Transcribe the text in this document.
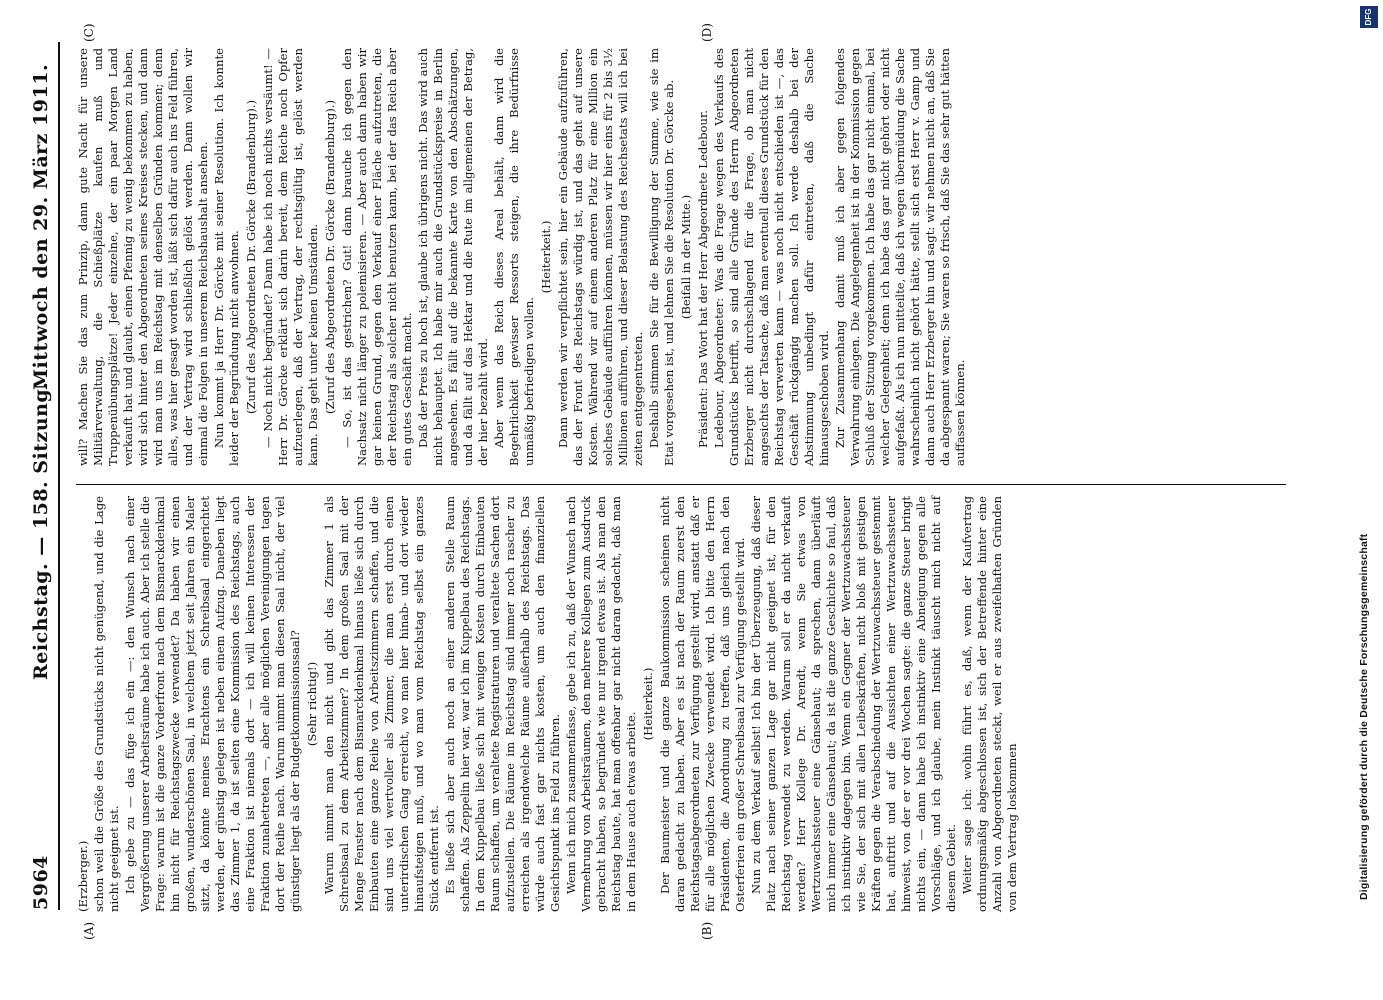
5964
Reichstag. — 158. Sitzung.
Mittwoch den 29. März 1911.
(A)	(B)
(C)	(D)

(Erzberger.) schon weil die Größe des Grundstücks nicht genügend, und die Lage nicht geeignet ist. Ich gebe zu — das füge ich ein —: den Wunsch nach einer Vergrößerung unserer Arbeitsräume habe ich auch. Aber ich stelle die Frage: warum ist die ganze Vorderfront nach dem Bismarckdenkmal hin nicht für Reichstagszwecke verwendet? Da haben wir einen großen, wunderschönen Saal, in welchem jetzt seit Jahren ein Maler sitzt, da könnte meines Erachtens ein Schreibsaal eingerichtet werden, der günstig gelegen ist neben einem Aufzug. Daneben liegt das Zimmer 1, da ist selten eine Kommission des Reichstags, auch eine Fraktion ist niemals dort — ich will keinen Interessen der Fraktion zunahetreten —, aber alle möglichen Vereinigungen tagen dort der Reihe nach. Warum nimmt man diesen Saal nicht, der viel günstiger liegt als der Budgetkommissionssaal? (Sehr richtig!) Warum nimmt man den nicht und gibt das Zimmer 1 als Schreibsaal zu dem Arbeitszimmer? In dem großen Saal mit der Menge Fenster nach dem Bismarckdenkmal hinaus ließe sich durch Einbauten eine ganze Reihe von Arbeitszimmern schaffen, und die sind uns viel wertvoller als Zimmer, die man erst durch einen unterirdischen Gang erreicht, wo man hier hinab- und dort wieder hinaufsteigen muß, und wo man vom Reichstag selbst ein ganzes Stück entfernt ist. Es ließe sich aber auch noch an einer anderen Stelle Raum schaffen. Als Zeppelin hier war, war ich im Kuppelbau des Reichstags. In dem Kuppelbau ließe sich mit wenigen Kosten durch Einbauten Raum schaffen, um veraltete Registraturen und veraltete Sachen dort aufzustellen. Die Räume im Reichstag sind immer noch rascher zu erreichen als irgendwelche Räume außerhalb des Reichstags. Das würde auch fast gar nichts kosten, um auch den finanziellen Gesichtspunkt ins Feld zu führen. Wenn ich mich zusammenfasse, gebe ich zu, daß der Wunsch nach Vermehrung von Arbeitsräumen, den mehrere Kollegen zum Ausdruck gebracht haben, so begründet wie nur irgend etwas ist. Als man den Reichstag baute, hat man offenbar gar nicht daran gedacht, daß man in dem Hause auch etwas arbeite.

(Heiterkeit.) Der Baumeister und die ganze Baukommission scheinen nicht daran gedacht zu haben. Aber es ist nach der Raum zuerst den Reichstagsabgeordneten zur Verfügung gestellt wird, anstatt daß er für alle möglichen Zwecke verwendet wird. Ich bitte den Herrn Präsidenten, die Anordnung zu treffen, daß uns gleich nach den Osterferien ein großer Schreibsaal zur Verfügung gestellt wird. Nun zu dem Verkauf selbst! Ich bin der Überzeugung, daß dieser Platz nach seiner ganzen Lage gar nicht geeignet ist, für den Reichstag verwendet zu werden. Warum soll er da nicht verkauft werden? Herr Kollege Dr. Arendt, wenn Sie etwas von Wertzuwachssteuer eine Gänsehaut; da sprechen, dann überläuft mich immer eine Gänsehaut; da ist die ganze Geschichte so faul, daß ich instinktiv dagegen bin. Wenn ein Gegner der Wertzuwachssteuer wie Sie, der sich mit allen Leibeskräften, nicht bloß mit geistigen Kräften gegen die Verabschiedung der Wertzuwachssteuer gestemmt hat, auftritt und auf die Aussichten einer Wertzuwachssteuer hinweist, von der er vor drei Wochen sagte: die ganze Steuer bringt nichts ein, — dann habe ich instinktiv eine Abneigung gegen alle Vorschläge, und ich glaube, mein Instinkt täuscht mich nicht auf diesem Gebiet. Weiter sage ich: wohin führt es, daß, wenn der Kaufvertrag ordnungsmäßig abgeschlossen ist, sich der Betreffende hinter eine Anzahl von Abgeordneten steckt, weil er aus zweifelhaften Gründen von dem Vertrag loskommen

will? Machen Sie das zum Prinzip, dann gute Nacht für unsere Militärverwaltung, die Schießplätze kaufen muß und Truppenübungsplätze! Jeder einzelne, der ein paar Morgen Land verkauft hat und glaubt, einen Pfennig zu wenig bekommen zu haben, wird sich hinter den Abgeordneten seines Kreises stecken, und dann wird man uns im Reichstag mit denselben Gründen kommen; denn alles, was hier gesagt worden ist, läßt sich dafür auch ins Feld führen, und der Vertrag wird schließlich gelöst werden. Dann wollen wir einmal die Folgen in unserem Reichshaushalt ansehen. Nun kommt ja Herr Dr. Görcke mit seiner Resolution. Ich konnte leider der Begründung nicht anwohnen. (Zuruf des Abgeordneten Dr. Görcke (Brandenburg).) — Noch nicht begründet? Dann habe ich noch nichts versäumt! — Herr Dr. Görcke erklärt sich darin bereit, dem Reiche noch Opfer aufzuerlegen, daß der Vertrag, der rechtsgültig ist, gelöst werden kann. Das geht unter keinen Umständen. (Zuruf des Abgeordneten Dr. Görcke (Brandenburg).) — So, ist das gestrichen? Gut! dann brauche ich gegen den Nachsatz nicht länger zu polemisieren. — Aber auch dann haben wir gar keinen Grund, gegen den Verkauf einer Fläche aufzutreten, die der Reichstag als solcher nicht benutzen kann, bei der das Reich aber ein gutes Geschäft macht. Daß der Preis zu hoch ist, glaube ich übrigens nicht. Das wird auch nicht behauptet. Ich habe mir auch die Grundstückspreise in Berlin angesehen. Es fällt auf die bekannte Karte von den Abschätzungen, und da fällt auf das Hektar und die Rute im allgemeinen der Betrag, der hier bezahlt wird. Aber wenn das Reich dieses Areal behält, dann wird die Begehrlichkeit gewisser Ressorts steigen, die ihre Bedürfnisse unmäßig befriedigen wollen.

(Heiterkeit.) Dann werden wir verpflichtet sein, hier ein Gebäude aufzuführen, das der Front des Reichstags würdig ist, und das geht auf unsere Kosten. Während wir auf einem anderen Platz für eine Million ein solches Gebäude aufführen können, müssen wir hier eins für 2 bis 3½ Millionen aufführen, und dieser Belastung des Reichsetats will ich bei zeiten entgegentreten. Deshalb stimmen Sie für die Bewilligung der Summe, wie sie im Etat vorgesehen ist, und lehnen Sie die Resolution Dr. Görcke ab. (Beifall in der Mitte.) Präsident: Das Wort hat der Herr Abgeordnete Ledebour. Ledebour, Abgeordneter: Was die Frage wegen des Verkaufs des Grundstücks betrifft, so sind alle Gründe des Herrn Abgeordneten Erzberger nicht durchschlagend für die Frage, ob man nicht angesichts der Tatsache, daß man eventuell dieses Grundstück für den Reichstag verwerten kann — was noch nicht entschieden ist —, das Geschäft rückgängig machen soll. Ich werde deshalb bei der Abstimmung unbedingt dafür eintreten, daß die Sache hinausgeschoben wird. Zur Zusammenhang damit muß ich aber gegen folgendes Verwahrung einlegen. Die Angelegenheit ist in der Kommission gegen Schluß der Sitzung vorgekommen. Ich habe das gar nicht einmal, bei welcher Gelegenheit; denn ich habe das gar nicht gehört oder nicht aufgefaßt. Als ich nun mitteilte, daß ich wegen übermüdung die Sache wahrscheinlich nicht gehört hätte, stellt sich erst Herr v. Gamp und dann auch Herr Erzberger hin und sagt: wir nehmen nicht an, daß Sie da abgespannt waren; Sie waren so frisch, daß Sie das sehr gut hätten auffassen können.

Digitalisierung gefördert durch die Deutsche Forschungsgemeinschaft
DFG
